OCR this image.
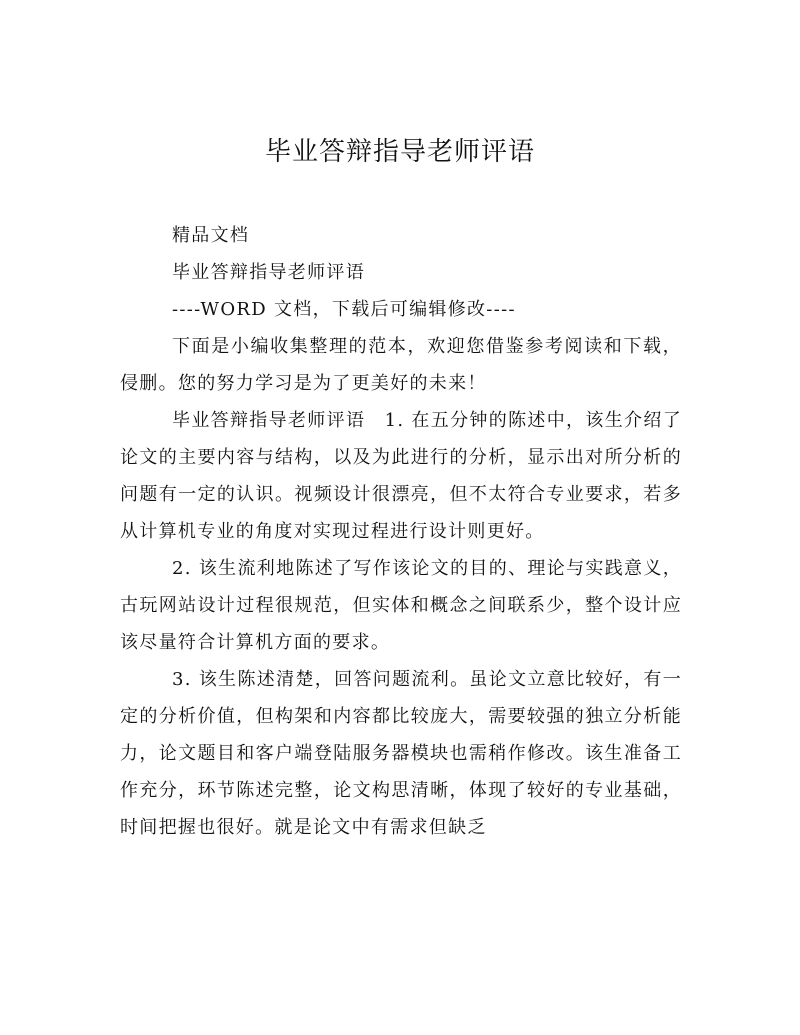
毕业答辩指导老师评语

精品文档

毕业答辩指导老师评语

----WORD 文档，下载后可编辑修改----

下面是小编收集整理的范本，欢迎您借鉴参考阅读和下载，侵删。您的努力学习是为了更美好的未来！

毕业答辩指导老师评语　1. 在五分钟的陈述中，该生介绍了论文的主要内容与结构，以及为此进行的分析，显示出对所分析的问题有一定的认识。视频设计很漂亮，但不太符合专业要求，若多从计算机专业的角度对实现过程进行设计则更好。

2. 该生流利地陈述了写作该论文的目的、理论与实践意义，古玩网站设计过程很规范，但实体和概念之间联系少，整个设计应该尽量符合计算机方面的要求。

3. 该生陈述清楚，回答问题流利。虽论文立意比较好，有一定的分析价值，但构架和内容都比较庞大，需要较强的独立分析能力，论文题目和客户端登陆服务器模块也需稍作修改。该生准备工作充分，环节陈述完整，论文构思清晰，体现了较好的专业基础，时间把握也很好。就是论文中有需求但缺乏
